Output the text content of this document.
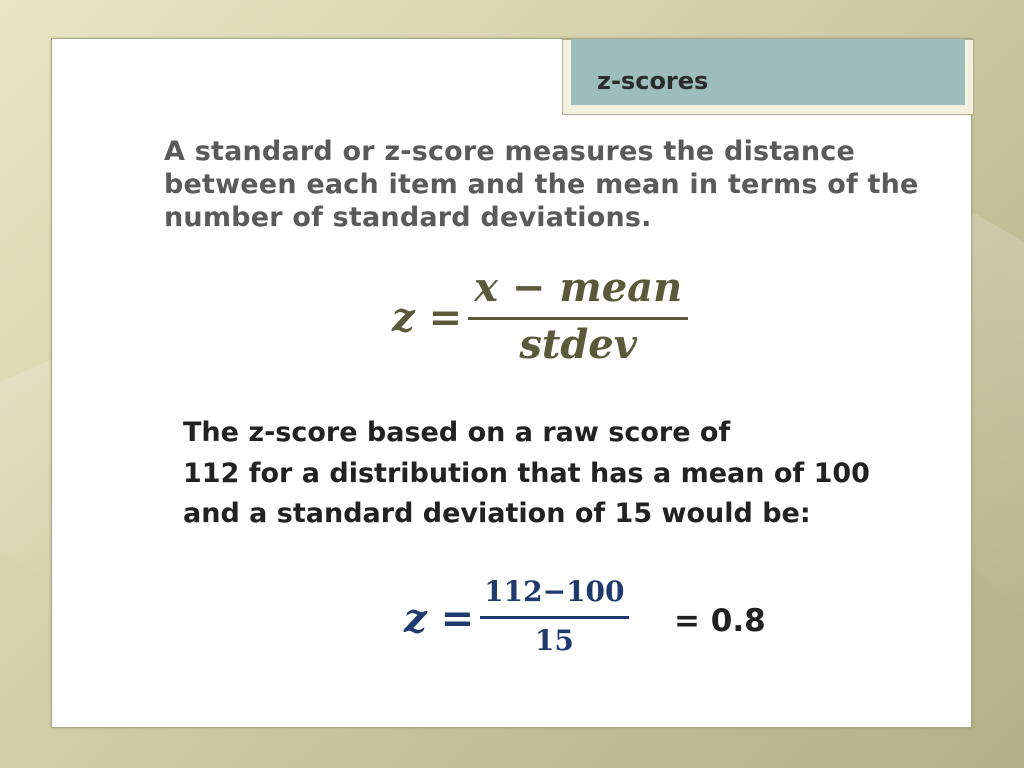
z-scores

A standard or z-score measures the distance between each item and the mean in terms of the number of standard deviations.

$z = \frac{\text{x − mean}}{\text{stdev}}$
The z-score based on a raw score of
112 for a distribution that has a mean of 100
and a standard deviation of 15 would be:
$z = \frac{112-100}{15} = 0.8$
